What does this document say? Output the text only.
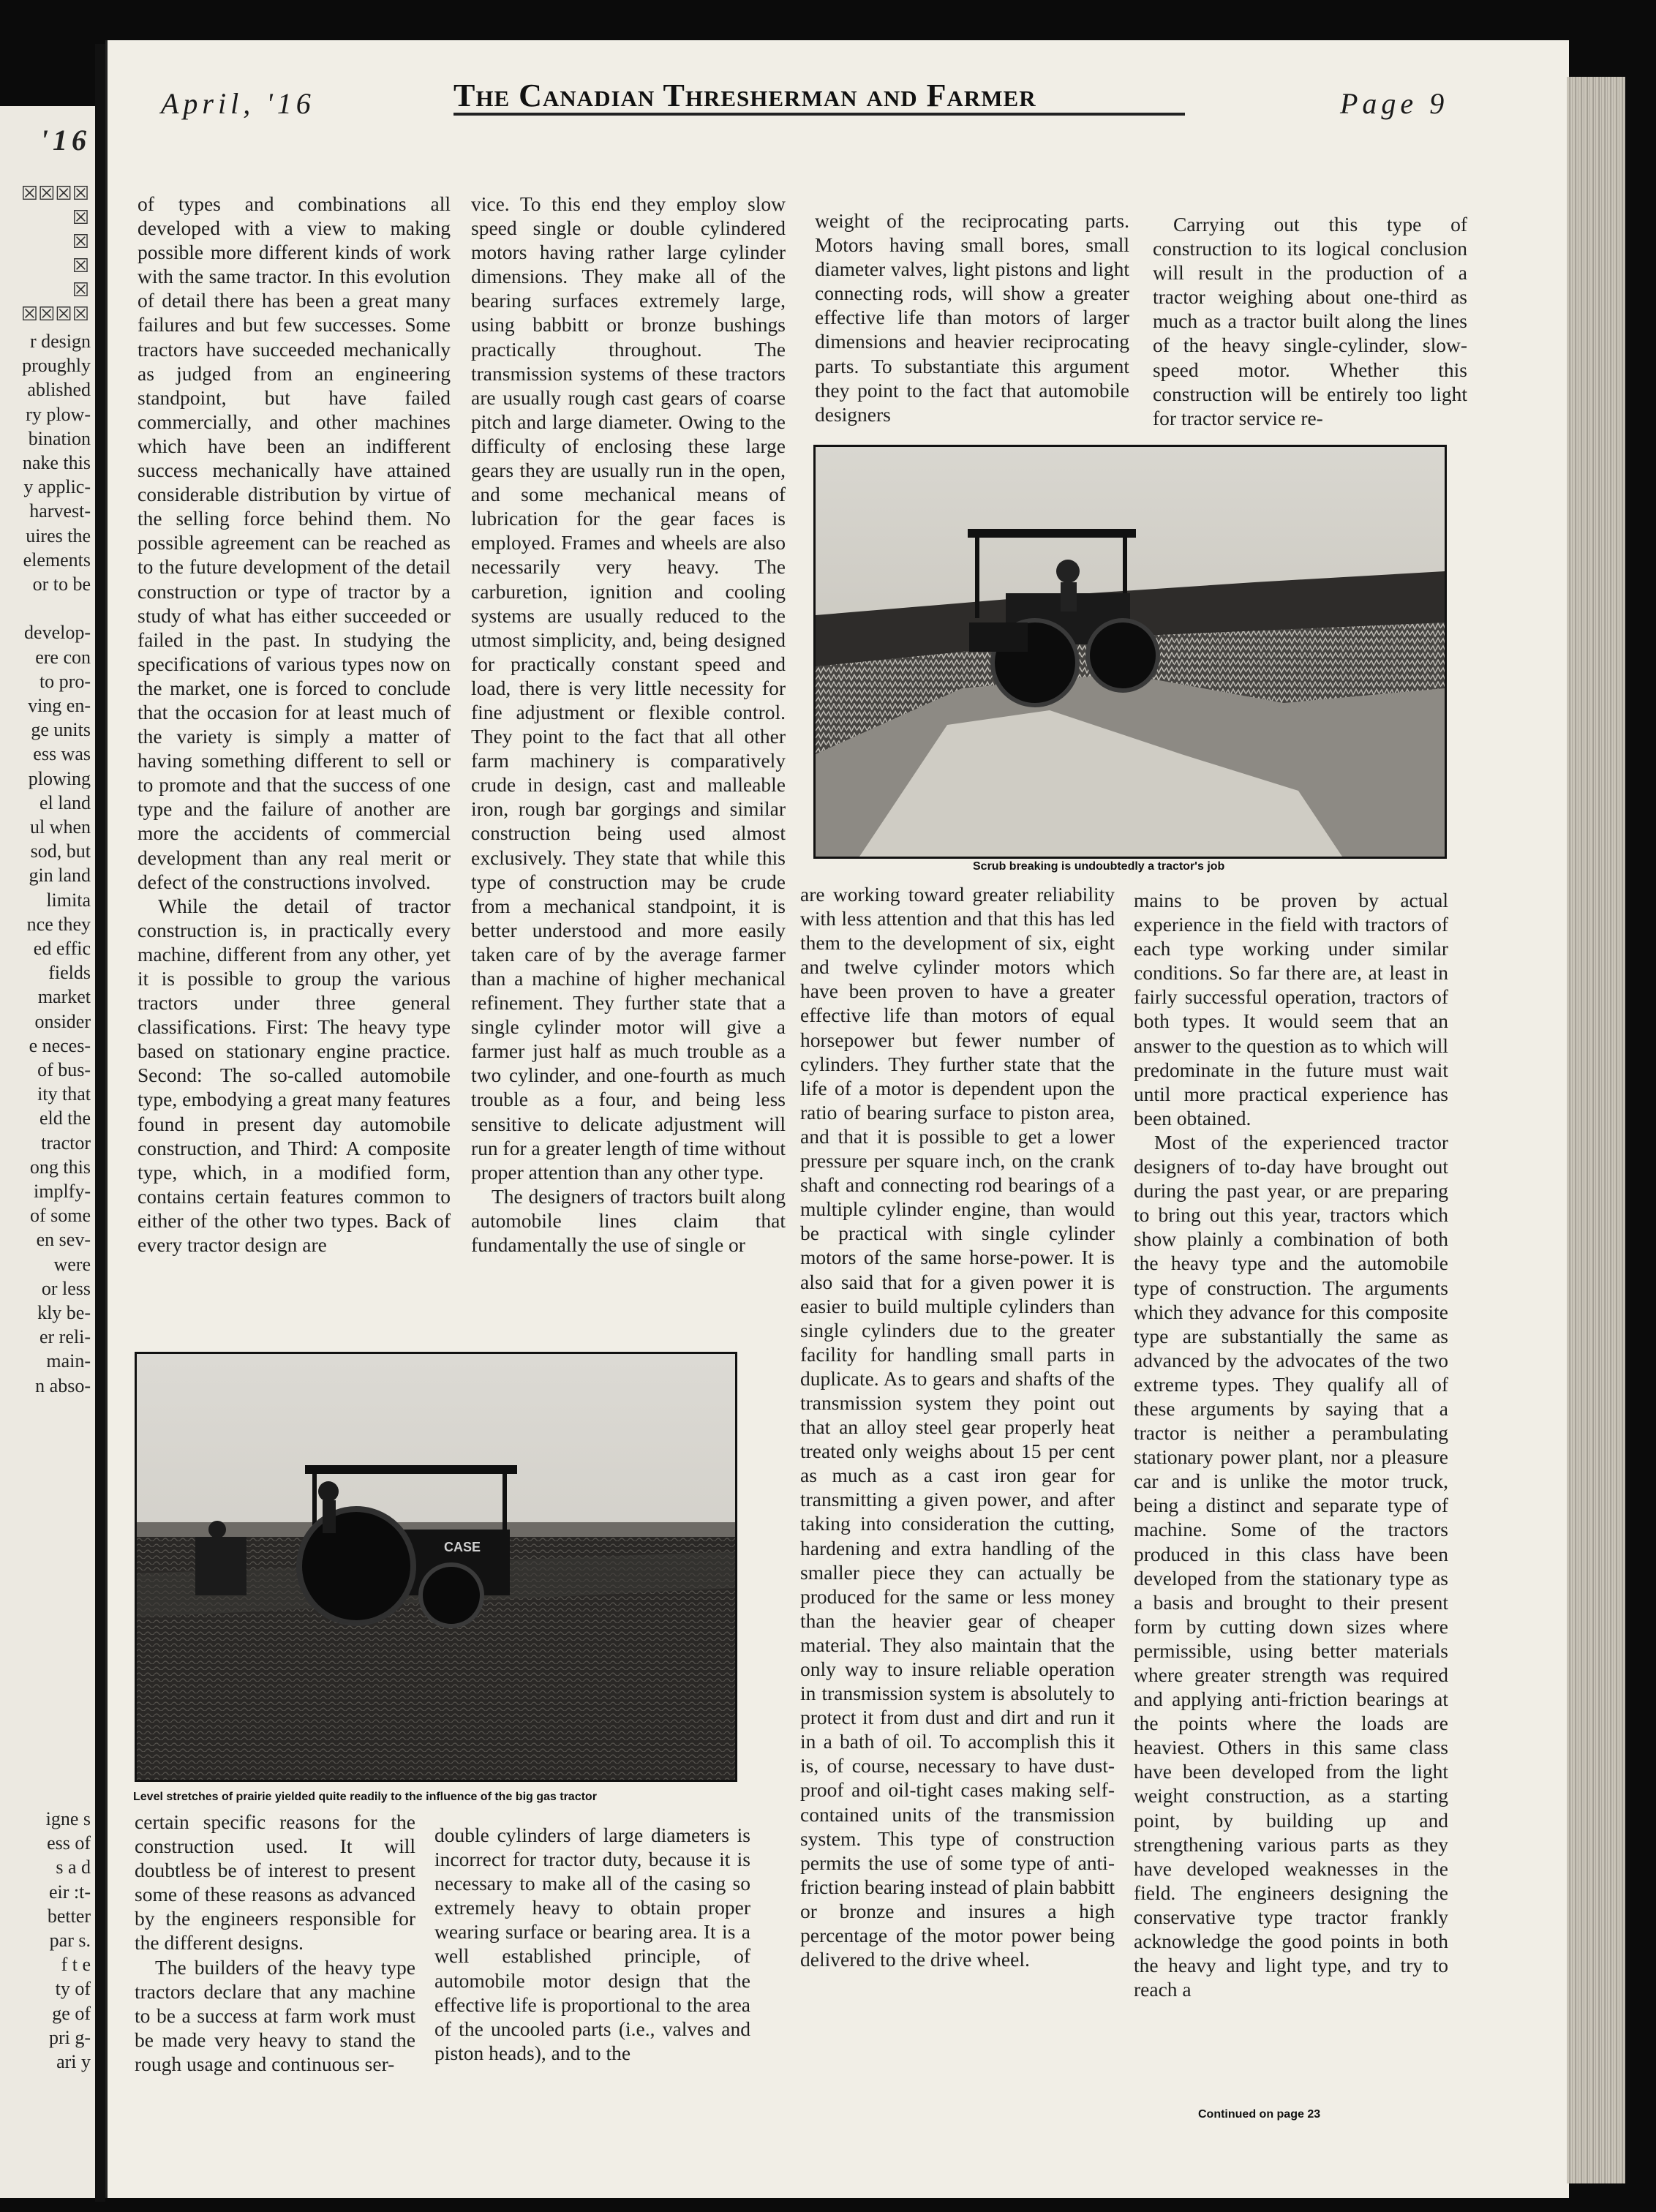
'16
☒☒☒☒
☒
☒
☒
☒
☒☒☒☒
r design
proughly
ablished
ry plow-
bination
nake this
y applic-
harvest-
uires the
elements
or to be
develop-
ere con
to pro-
ving en-
ge units
ess was
plowing
el land
ul when
sod, but
gin land
limita
nce they
ed effic
fields
market
onsider
e neces-
of bus-
ity that
eld the
tractor
ong this
implfy-
of some
en sev-
were
or less
kly be-
er reli-
main-
n abso-
igne s
ess of
s a d
eir :t-
better
par s.
f t e
ty of
ge of
pri g-
ari y
April, '16	The Canadian Thresherman and Farmer	Page 9

of types and combinations all developed with a view to making possible more different kinds of work with the same tractor. In this evolution of detail there has been a great many failures and but few successes. Some tractors have succeeded mechanically as judged from an engineering standpoint, but have failed commercially, and other machines which have been an indifferent success mechanically have attained considerable distribution by virtue of the selling force behind them. No possible agreement can be reached as to the future development of the detail construction or type of tractor by a study of what has either succeeded or failed in the past. In studying the specifications of various types now on the market, one is forced to conclude that the occasion for at least much of the variety is simply a matter of having something different to sell or to promote and that the success of one type and the failure of another are more the accidents of commercial development than any real merit or defect of the constructions involved.

While the detail of tractor construction is, in practically every machine, different from any other, yet it is possible to group the various tractors under three general classifications. First: The heavy type based on stationary engine practice. Second: The so-called automobile type, embodying a great many features found in present day automobile construction, and Third: A composite type, which, in a modified form, contains certain features common to either of the other two types. Back of every tractor design are

vice. To this end they employ slow speed single or double cylindered motors having rather large cylinder dimensions. They make all of the bearing surfaces extremely large, using babbitt or bronze bushings practically throughout. The transmission systems of these tractors are usually rough cast gears of coarse pitch and large diameter. Owing to the difficulty of enclosing these large gears they are usually run in the open, and some mechanical means of lubrication for the gear faces is employed. Frames and wheels are also necessarily very heavy. The carburetion, ignition and cooling systems are usually reduced to the utmost simplicity, and, being designed for practically constant speed and load, there is very little necessity for fine adjustment or flexible control. They point to the fact that all other farm machinery is comparatively crude in design, cast and malleable iron, rough bar gorgings and similar construction being used almost exclusively. They state that while this type of construction may be crude from a mechanical standpoint, it is better understood and more easily taken care of by the average farmer than a machine of higher mechanical refinement. They further state that a single cylinder motor will give a farmer just half as much trouble as a two cylinder, and one-fourth as much trouble as a four, and being less sensitive to delicate adjustment will run for a greater length of time without proper attention than any other type.

The designers of tractors built along automobile lines claim that fundamentally the use of single or

weight of the reciprocating parts. Motors having small bores, small diameter valves, light pistons and light connecting rods, will show a greater effective life than motors of larger dimensions and heavier reciprocating parts. To substantiate this argument they point to the fact that automobile designers

Carrying out this type of construction to its logical conclusion will result in the production of a tractor weighing about one-third as much as a tractor built along the lines of the heavy single-cylinder, slow-speed motor. Whether this construction will be entirely too light for tractor service re-

Scrub breaking is undoubtedly a tractor's job

are working toward greater reliability with less attention and that this has led them to the development of six, eight and twelve cylinder motors which have been proven to have a greater effective life than motors of equal horsepower but fewer number of cylinders. They further state that the life of a motor is dependent upon the ratio of bearing surface to piston area, and that it is possible to get a lower pressure per square inch, on the crank shaft and connecting rod bearings of a multiple cylinder engine, than would be practical with single cylinder motors of the same horse-power. It is also said that for a given power it is easier to build multiple cylinders than single cylinders due to the greater facility for handling small parts in duplicate. As to gears and shafts of the transmission system they point out that an alloy steel gear properly heat treated only weighs about 15 per cent as much as a cast iron gear for transmitting a given power, and after taking into consideration the cutting, hardening and extra handling of the smaller piece they can actually be produced for the same or less money than the heavier gear of cheaper material. They also maintain that the only way to insure reliable operation in transmission system is absolutely to protect it from dust and dirt and run it in a bath of oil. To accomplish this it is, of course, necessary to have dust-proof and oil-tight cases making self-contained units of the transmission system. This type of construction permits the use of some type of anti-friction bearing instead of plain babbitt or bronze and insures a high percentage of the motor power being delivered to the drive wheel.

mains to be proven by actual experience in the field with tractors of each type working under similar conditions. So far there are, at least in fairly successful operation, tractors of both types. It would seem that an answer to the question as to which will predominate in the future must wait until more practical experience has been obtained.

Most of the experienced tractor designers of to-day have brought out during the past year, or are preparing to bring out this year, tractors which show plainly a combination of both the heavy type and the automobile type of construction. The arguments which they advance for this composite type are substantially the same as advanced by the advocates of the two extreme types. They qualify all of these arguments by saying that a tractor is neither a perambulating stationary power plant, nor a pleasure car and is unlike the motor truck, being a distinct and separate type of machine. Some of the tractors produced in this class have been developed from the stationary type as a basis and brought to their present form by cutting down sizes where permissible, using better materials where greater strength was required and applying anti-friction bearings at the points where the loads are heaviest. Others in this same class have been developed from the light weight construction, as a starting point, by building up and strengthening various parts as they have developed weaknesses in the field. The engineers designing the conservative type tractor frankly acknowledge the good points in both the heavy and light type, and try to reach a

CASE
Level stretches of prairie yielded quite readily to the influence of the big gas tractor

certain specific reasons for the construction used. It will doubtless be of interest to present some of these reasons as advanced by the engineers responsible for the different designs.

The builders of the heavy type tractors declare that any machine to be a success at farm work must be made very heavy to stand the rough usage and continuous ser-

double cylinders of large diameters is incorrect for tractor duty, because it is necessary to make all of the casing so extremely heavy to obtain proper wearing surface or bearing area. It is a well established principle, of automobile motor design that the effective life is proportional to the area of the uncooled parts (i.e., valves and piston heads), and to the

Continued on page 23
